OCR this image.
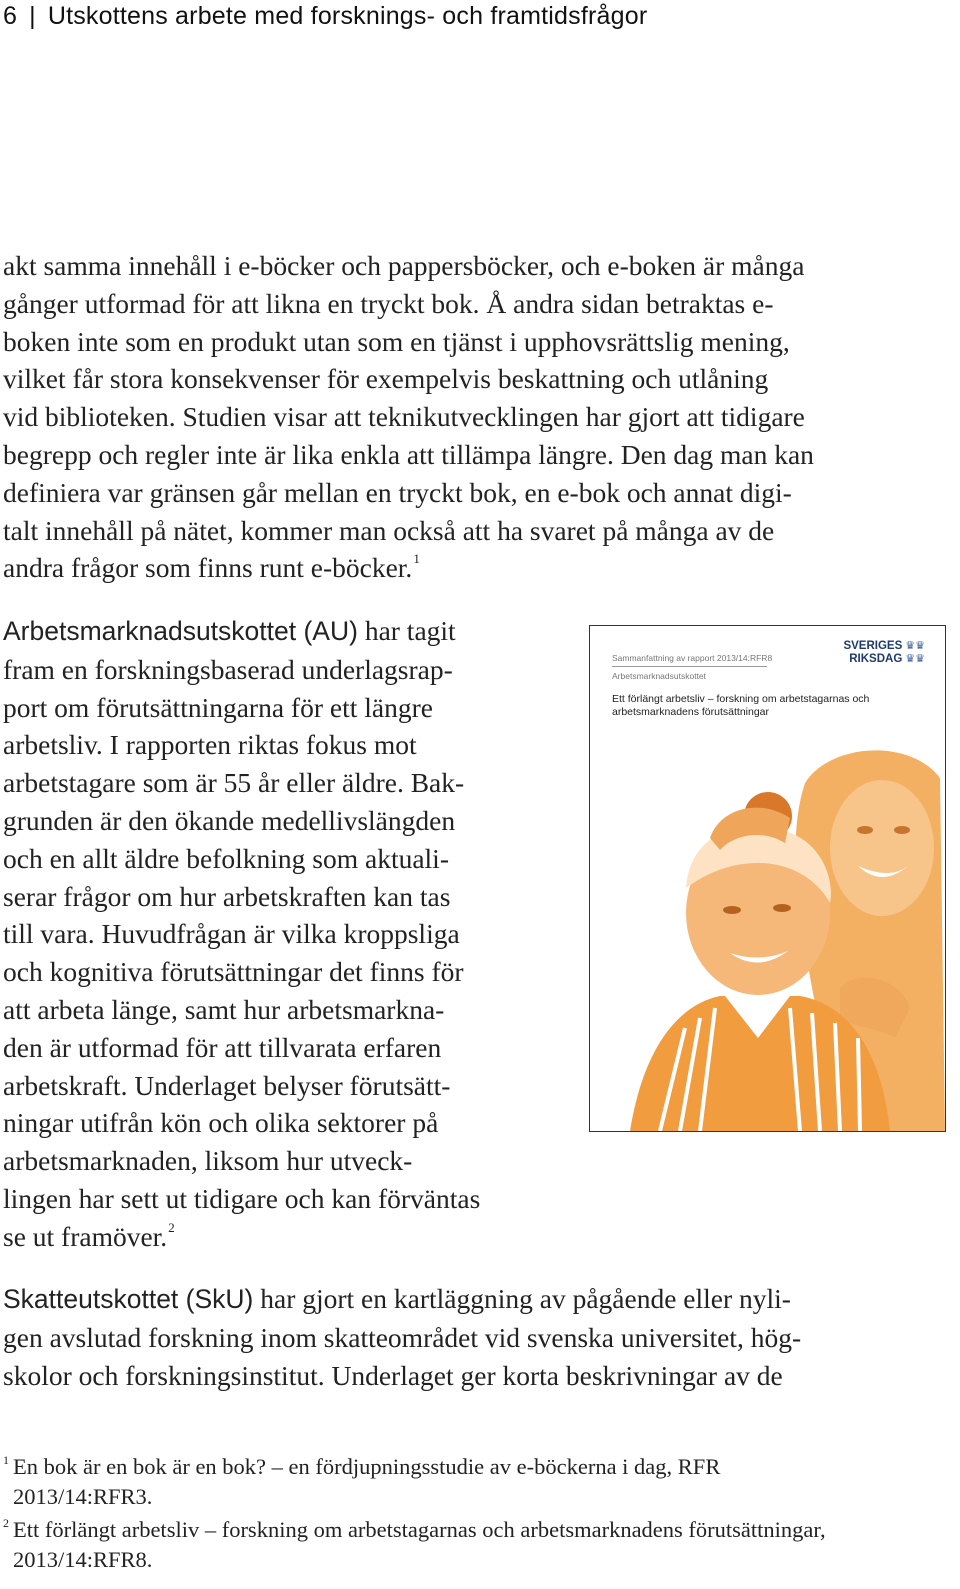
6 | Utskottens arbete med forsknings- och framtidsfrågor
akt samma innehåll i e-böcker och pappersböcker, och e-boken är många
gånger utformad för att likna en tryckt bok. Å andra sidan betraktas e-
boken inte som en produkt utan som en tjänst i upphovsrättslig mening,
vilket får stora konsekvenser för exempelvis beskattning och utlåning
vid biblioteken. Studien visar att teknikutvecklingen har gjort att tidigare
begrepp och regler inte är lika enkla att tillämpa längre. Den dag man kan
definiera var gränsen går mellan en tryckt bok, en e-bok och annat digi-
talt innehåll på nätet, kommer man också att ha svaret på många av de
andra frågor som finns runt e-böcker.$^1$
Arbetsmarknadsutskottet (AU) har tagit
fram en forskningsbaserad underlagsrap-
port om förutsättningarna för ett längre
arbetsliv. I rapporten riktas fokus mot
arbetstagare som är 55 år eller äldre. Bak-
grunden är den ökande medellivslängden
och en allt äldre befolkning som aktuali-
serar frågor om hur arbetskraften kan tas
till vara. Huvudfrågan är vilka kroppsliga
och kognitiva förutsättningar det finns för
att arbeta länge, samt hur arbetsmarkna-
den är utformad för att tillvarata erfaren
arbetskraft. Underlaget belyser förutsätt-
ningar utifrån kön och olika sektorer på
arbetsmarknaden, liksom hur utveck-
lingen har sett ut tidigare och kan förväntas
se ut framöver.$^2$
Sammanfattning av rapport 2013/14:RFR8
Arbetsmarknadsutskottet
SVERIGES ♛♛
RIKSDAG ♛♛
Ett förlängt arbetsliv – forskning om arbetstagarnas och arbetsmarknadens förutsättningar
Skatteutskottet (SkU) har gjort en kartläggning av pågående eller nyli-
gen avslutad forskning inom skatteområdet vid svenska universitet, hög-
skolor och forskningsinstitut. Underlaget ger korta beskrivningar av de
1 En bok är en bok är en bok? – en fördjupningsstudie av e-böckerna i dag, RFR
2013/14:RFR3.
2 Ett förlängt arbetsliv – forskning om arbetstagarnas och arbetsmarknadens förutsättningar,
2013/14:RFR8.
